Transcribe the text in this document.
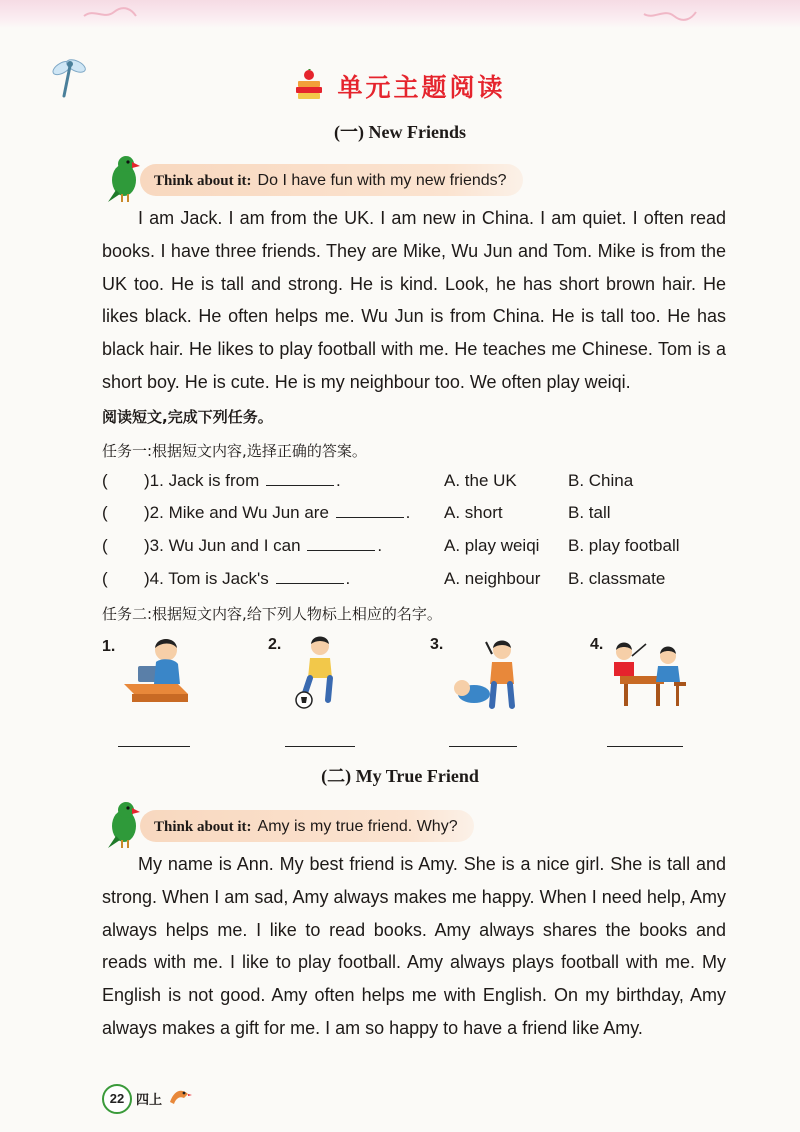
单元主题阅读
(一) New Friends
Think about it: Do I have fun with my new friends?

I am Jack. I am from the UK. I am new in China. I am quiet. I often read books. I have three friends. They are Mike, Wu Jun and Tom. Mike is from the UK too. He is tall and strong. He is kind. Look, he has short brown hair. He likes black. He often helps me. Wu Jun is from China. He is tall too. He has black hair. He likes to play football with me. He teaches me Chinese. Tom is a short boy. He is cute. He is my neighbour too. We often play weiqi.

阅读短文,完成下列任务。
任务一:根据短文内容,选择正确的答案。
( )1. Jack is from	.	A. the UK	B. China
( )2. Mike and Wu Jun are	. A. short	B. tall
( )3. Wu Jun and I can	.	A. play weiqi B. play football
( )4. Tom is Jack's	.	A. neighbour B. classmate
任务二:根据短文内容,给下列人物标上相应的名字。
1.	2.	3.	4.
(二) My True Friend
Think about it: Amy is my true friend. Why?

My name is Ann. My best friend is Amy. She is a nice girl. She is tall and strong. When I am sad, Amy always makes me happy. When I need help, Amy always helps me. I like to read books. Amy always shares the books and reads with me. I like to play football. Amy always plays football with me. My English is not good. Amy often helps me with English. On my birthday, Amy always makes a gift for me. I am so happy to have a friend like Amy.

22 四上
